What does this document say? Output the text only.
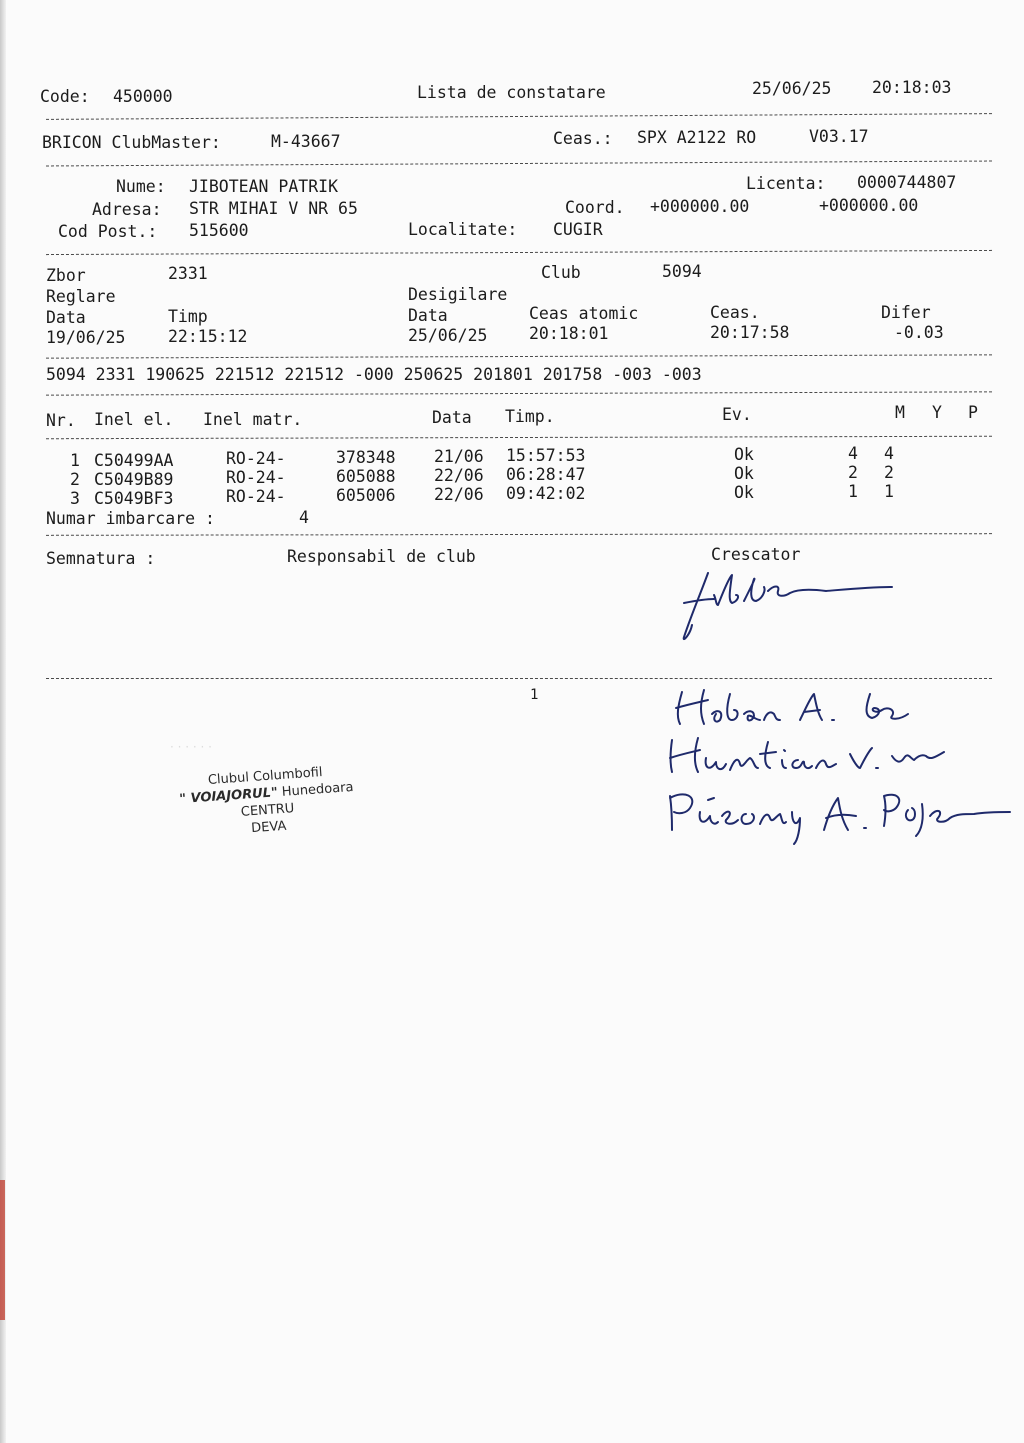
Code: 450000	Lista de constatare	25/06/25 20:18:03
BRICON ClubMaster:	M-43667	Ceas.: SPX A2122 RO	V03.17
Nume: JIBOTEAN PATRIK	Licenta: 0000744807
Adresa: STR MIHAI V NR 65	Coord. +000000.00	+000000.00
Cod Post.: 515600	Localitate: CUGIR
Zbor	2331	Club	5094
Reglare	Desigilare
Data	Timp	Data	Ceas atomic	Ceas.	Difer
19/06/25	22:15:12	25/06/25	20:18:01	20:17:58	-0.03
5094 2331 190625 221512 221512 -000 250625 201801 201758 -003 -003
Nr. Inel el. Inel matr.	Data Timp.	Ev.	M Y P
1 C50499AA	RO-24-	378348 21/06 15:57:53	Ok	4 4
2 C5049B89	RO-24-	605088 22/06 06:28:47	Ok	2 2
3 C5049BF3	RO-24-	605006 22/06 09:42:02	Ok	1 1
Numar imbarcare :	4
Semnatura :	Responsabil de club	Crescator
1
· · · · · ·
Clubul Columbofil
" VOIAJORUL" Hunedoara
CENTRU
DEVA
